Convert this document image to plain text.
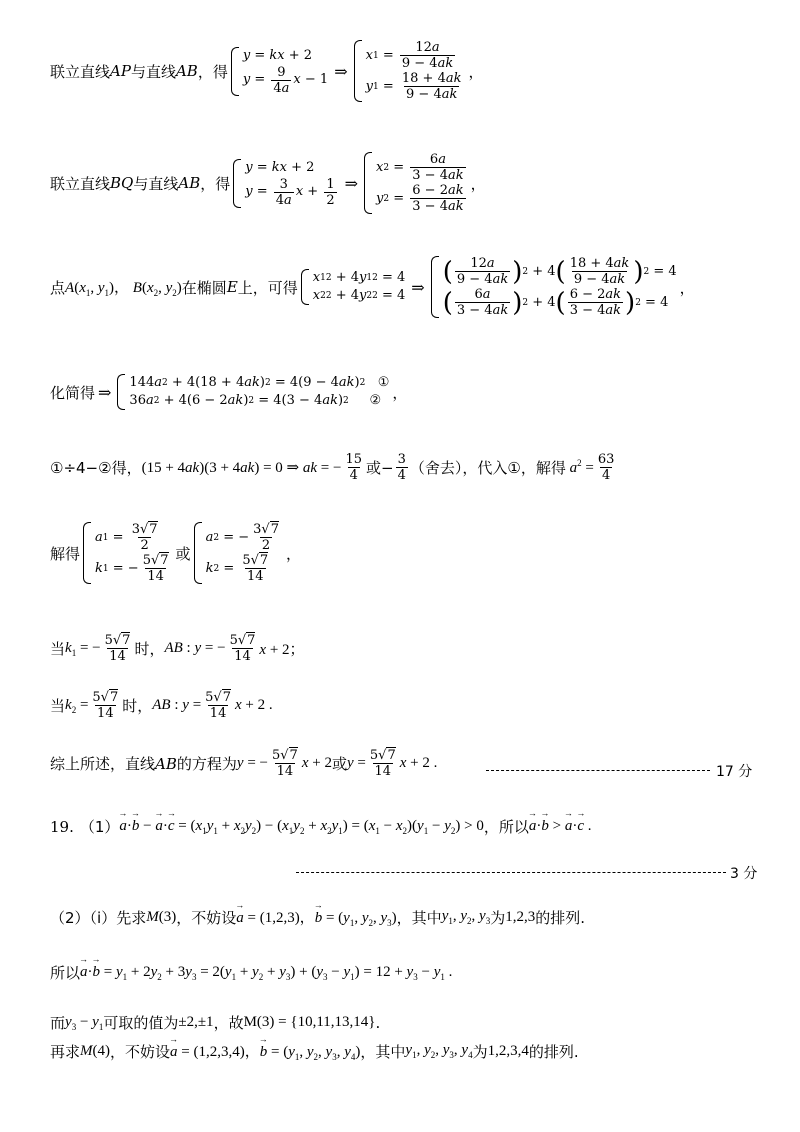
联立直线 AP 与直线 AB ，得
y = kx + 2
$y = \frac{9}{4a}$ x − 1 ⇒
x $1 = \frac{12a}{9 - 4ak}$
y $1 = \frac{18 + 4ak}{9 - 4ak}$ ，
联立直线 BQ 与直线 AB ，得
y = kx + 2
$y = \frac{3}{4a}$ $x + \frac{1}{2}$ ⇒
x $2 = \frac{6a}{3 - 4ak}$
y $2 = \frac{6 - 2ak}{3 - 4ak}$ ，
点 $A(x_1$, $y_1$)， $B(x_2$, $y_2$) 在椭圆 E 上，可得
x 1 2 + 4 y 1 2 = 4
x 2 2 + 4 y 2 2 = 4 ⇒
( $\frac{12a}{9 - 4ak}$ ) 2 + 4 ( $\frac{18 + 4ak}{9 - 4ak}$ ) 2 = 4
( $\frac{6a}{3 - 4ak}$ ) 2 + 4 ( $\frac{6 - 2ak}{3 - 4ak}$ ) 2 = 4
，
化简得 ⇒ 144 a 2 + 4(18 + 4 ak ) 2 = 4(9 − 4 ak ) 2
①
36 a 2 + 4(6 − 2 ak ) 2 = 4(3 − 4 ak ) 2
② ，
①÷4−②得， (15 + 4ak)(3 + 4ak) = 0 ⇒ ak = − $\frac{15}{4}$ 或 − $\frac{3}{4}$ （舍去），代入①，解得 $a^2 = \frac{63}{4}$
解得
a $1 = \frac{3√7}{2}$
k 1 = − $\frac{5√7}{14}$ 或
a 2 = − $\frac{3√7}{2}$
k $2 = \frac{5√7}{14}$ ，
当 $k_1$ = − $\frac{5√7}{14}$ 时， AB : y = − $\frac{5√7}{14}$ x + 2；
当 $k_2 = \frac{5√7}{14}$ 时， AB : $y = \frac{5√7}{14}$ x + 2 .
综上所述，直线 AB 的方程为 y = − $\frac{5√7}{14}$ x + 2 或 $y = \frac{5√7}{14}$ x + 2 .
17 分
19. （1） → a·→ b − → $a\cdot\to c = (x_1y_1 + x_2y_2) - (x_1y_2 + x_2y_1) = (x_1 - x_2)(y_1 - y_2) > 0$ ，所以 → a·→ b > → a·→ c .
3 分
（2）（i）先求 M(3) ，不妨设 → a = (1,2,3)，→ $b = (y_1$, $y_2$, $y_3$) ，其中 $y_1$, $y_2$, $y_3$ 为 1,2,3 的排列.
所以 → $a\cdot\to b = y_1 + 2y_2 + 3y_3 = 2(y_1 + y_2 + y_3) + (y_3 - y_1) = 12 + y_3 - y_1$ .
而 $y_3 - y_1$ 可取的值为 ±2,±1 ，故 M(3) = {10,11,13,14} .
再求 M(4) ，不妨设 → a = (1,2,3,4)，→ $b = (y_1$, $y_2$, $y_3$, $y_4$) ，其中 $y_1$, $y_2$, $y_3$, $y_4$ 为 1,2,3,4 的排列.
